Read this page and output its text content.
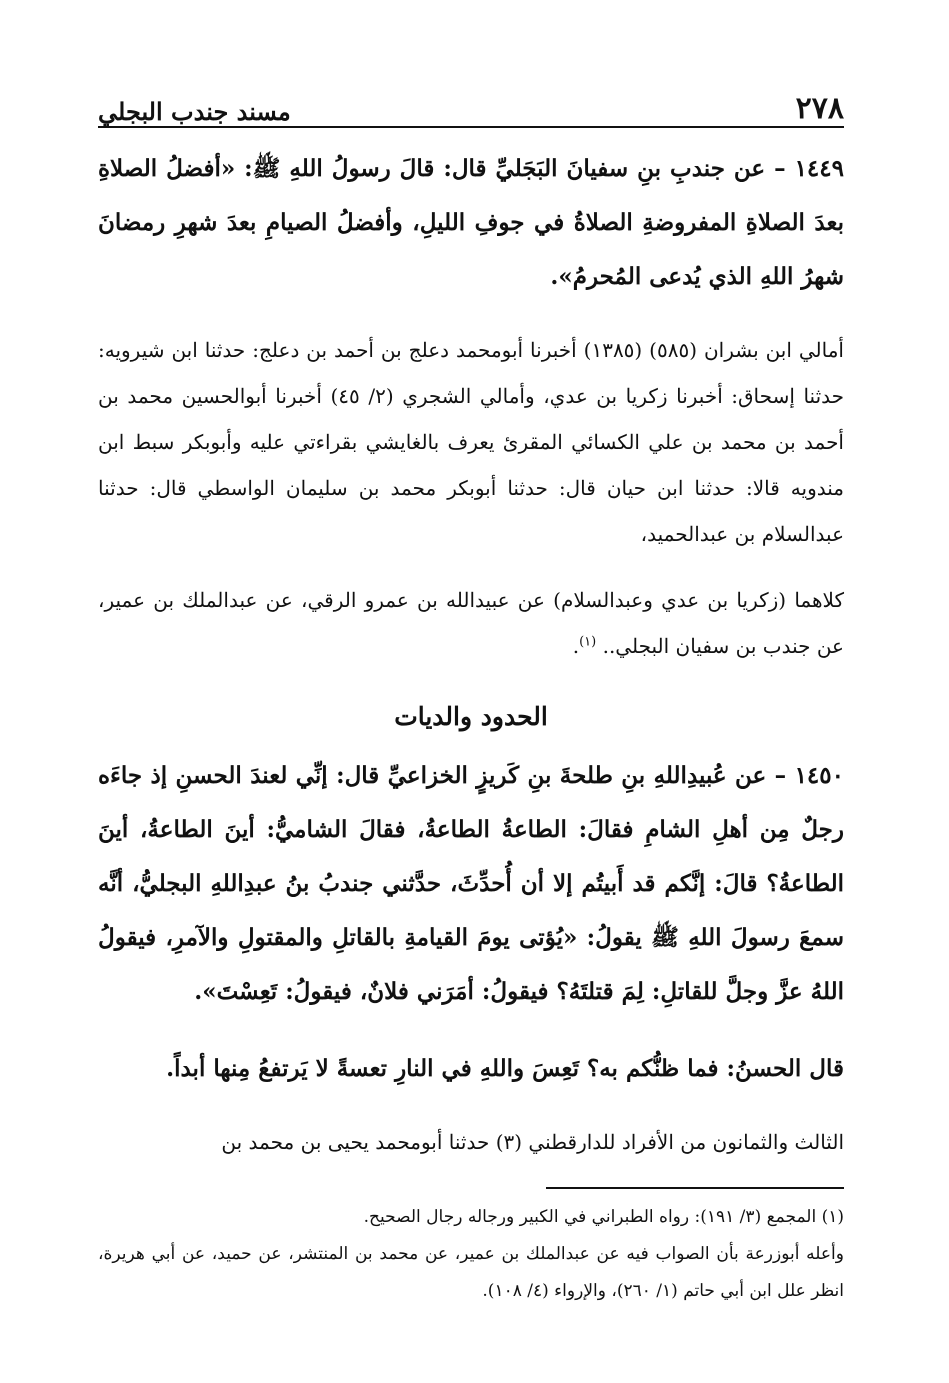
٢٧٨
مسند جندب البجلي

١٤٤٩ – عن جندبِ بنِ سفيانَ البَجَليِّ قال: قالَ رسولُ اللهِ ﷺ: «أفضلُ الصلاةِ بعدَ الصلاةِ المفروضةِ الصلاةُ في جوفِ الليلِ، وأفضلُ الصيامِ بعدَ شهرِ رمضانَ شهرُ اللهِ الذي يُدعى المُحرمُ».

أمالي ابن بشران (٥٨٥) (١٣٨٥) أخبرنا أبومحمد دعلج بن أحمد بن دعلج: حدثنا ابن شيرويه: حدثنا إسحاق: أخبرنا زكريا بن عدي، وأمالي الشجري (٢/ ٤٥) أخبرنا أبوالحسين محمد بن أحمد بن محمد بن علي الكسائي المقرئ يعرف بالغايشي بقراءتي عليه وأبوبكر سبط ابن مندويه قالا: حدثنا ابن حيان قال: حدثنا أبوبكر محمد بن سليمان الواسطي قال: حدثنا عبدالسلام بن عبدالحميد،

كلاهما (زكريا بن عدي وعبدالسلام) عن عبيدالله بن عمرو الرقي، عن عبدالملك بن عمير، عن جندب بن سفيان البجلي.. $^{(١)}$.

الحدود والديات

١٤٥٠ – عن عُبيدِاللهِ بنِ طلحةَ بنِ كَريزٍ الخزاعيِّ قال: إنِّي لعندَ الحسنِ إذ جاءَه رجلٌ مِن أهلِ الشامِ فقالَ: الطاعةُ الطاعةُ، فقالَ الشاميُّ: أينَ الطاعةُ، أينَ الطاعةُ؟ قالَ: إنَّكم قد أَبيتُم إلا أن أُحدِّثَ، حدَّثني جندبُ بنُ عبدِاللهِ البجليُّ، أنَّه سمعَ رسولَ اللهِ ﷺ يقولُ: «يُؤتى يومَ القيامةِ بالقاتلِ والمقتولِ والآمرِ، فيقولُ اللهُ عزَّ وجلَّ للقاتلِ: لِمَ قتلتَهُ؟ فيقولُ: أمَرَني فلانٌ، فيقولُ: تَعِسْتَ».

قال الحسنُ: فما ظنُّكم به؟ تَعِسَ واللهِ في النارِ تعسةً لا يَرتفعُ مِنها أبداً.

الثالث والثمانون من الأفراد للدارقطني (٣) حدثنا أبومحمد يحيى بن محمد بن

(١) المجمع (٣/ ١٩١): رواه الطبراني في الكبير ورجاله رجال الصحيح.
وأعله أبوزرعة بأن الصواب فيه عن عبدالملك بن عمير، عن محمد بن المنتشر، عن حميد، عن أبي هريرة، انظر علل ابن أبي حاتم (١/ ٢٦٠)، والإرواء (٤/ ١٠٨).
